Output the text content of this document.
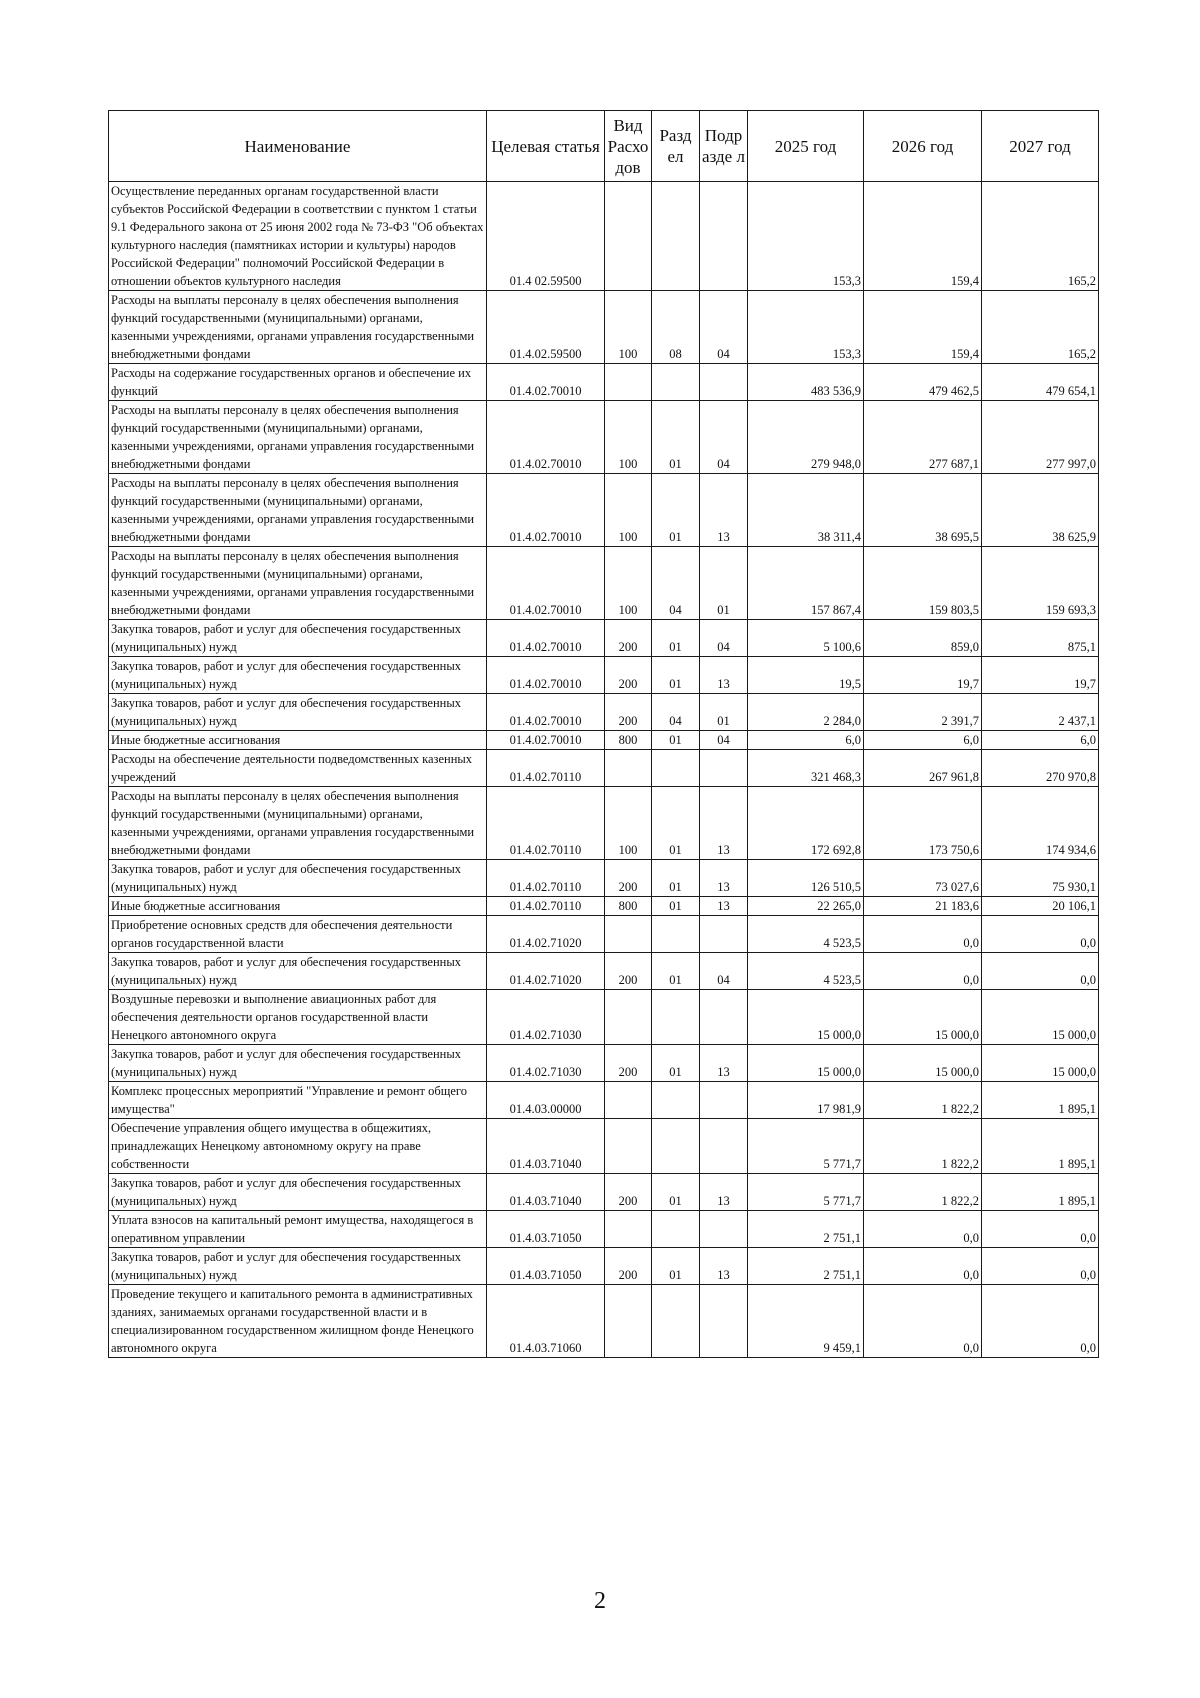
Наименование	Целевая статья	Вид Расхо дов	Разд ел	Подр азде л	2025 год	2026 год	2027 год
Осуществление переданных органам государственной власти субъектов Российской Федерации в соответствии с пунктом 1 статьи 9.1 Федерального закона от 25 июня 2002 года № 73-ФЗ "Об объектах культурного наследия (памятниках истории и культуры) народов Российской Федерации" полномочий Российской Федерации в отношении объектов культурного наследия	01.4 02.59500				153,3	159,4	165,2
Расходы на выплаты персоналу в целях обеспечения выполнения функций государственными (муниципальными) органами, казенными учреждениями, органами управления государственными внебюджетными фондами	01.4.02.59500	100	08	04	153,3	159,4	165,2
Расходы на содержание государственных органов и обеспечение их функций	01.4.02.70010				483 536,9	479 462,5	479 654,1
Расходы на выплаты персоналу в целях обеспечения выполнения функций государственными (муниципальными) органами, казенными учреждениями, органами управления государственными внебюджетными фондами	01.4.02.70010	100	01	04	279 948,0	277 687,1	277 997,0
Расходы на выплаты персоналу в целях обеспечения выполнения функций государственными (муниципальными) органами, казенными учреждениями, органами управления государственными внебюджетными фондами	01.4.02.70010	100	01	13	38 311,4	38 695,5	38 625,9
Расходы на выплаты персоналу в целях обеспечения выполнения функций государственными (муниципальными) органами, казенными учреждениями, органами управления государственными внебюджетными фондами	01.4.02.70010	100	04	01	157 867,4	159 803,5	159 693,3
Закупка товаров, работ и услуг для обеспечения государственных (муниципальных) нужд	01.4.02.70010	200	01	04	5 100,6	859,0	875,1
Закупка товаров, работ и услуг для обеспечения государственных (муниципальных) нужд	01.4.02.70010	200	01	13	19,5	19,7	19,7
Закупка товаров, работ и услуг для обеспечения государственных (муниципальных) нужд	01.4.02.70010	200	04	01	2 284,0	2 391,7	2 437,1
Иные бюджетные ассигнования	01.4.02.70010	800	01	04	6,0	6,0	6,0
Расходы на обеспечение деятельности подведомственных казенных учреждений	01.4.02.70110				321 468,3	267 961,8	270 970,8
Расходы на выплаты персоналу в целях обеспечения выполнения функций государственными (муниципальными) органами, казенными учреждениями, органами управления государственными внебюджетными фондами	01.4.02.70110	100	01	13	172 692,8	173 750,6	174 934,6
Закупка товаров, работ и услуг для обеспечения государственных (муниципальных) нужд	01.4.02.70110	200	01	13	126 510,5	73 027,6	75 930,1
Иные бюджетные ассигнования	01.4.02.70110	800	01	13	22 265,0	21 183,6	20 106,1
Приобретение основных средств для обеспечения деятельности органов государственной власти	01.4.02.71020				4 523,5	0,0	0,0
Закупка товаров, работ и услуг для обеспечения государственных (муниципальных) нужд	01.4.02.71020	200	01	04	4 523,5	0,0	0,0
Воздушные перевозки и выполнение авиационных работ для обеспечения деятельности органов государственной власти Ненецкого автономного округа	01.4.02.71030				15 000,0	15 000,0	15 000,0
Закупка товаров, работ и услуг для обеспечения государственных (муниципальных) нужд	01.4.02.71030	200	01	13	15 000,0	15 000,0	15 000,0
Комплекс процессных мероприятий "Управление и ремонт общего имущества"	01.4.03.00000				17 981,9	1 822,2	1 895,1
Обеспечение управления общего имущества в общежитиях, принадлежащих Ненецкому автономному округу на праве собственности	01.4.03.71040				5 771,7	1 822,2	1 895,1
Закупка товаров, работ и услуг для обеспечения государственных (муниципальных) нужд	01.4.03.71040	200	01	13	5 771,7	1 822,2	1 895,1
Уплата взносов на капитальный ремонт имущества, находящегося в оперативном управлении	01.4.03.71050				2 751,1	0,0	0,0
Закупка товаров, работ и услуг для обеспечения государственных (муниципальных) нужд	01.4.03.71050	200	01	13	2 751,1	0,0	0,0
Проведение текущего и капитального ремонта в административных зданиях, занимаемых органами государственной власти и в специализированном государственном жилищном фонде Ненецкого автономного округа	01.4.03.71060				9 459,1	0,0	0,0
2
